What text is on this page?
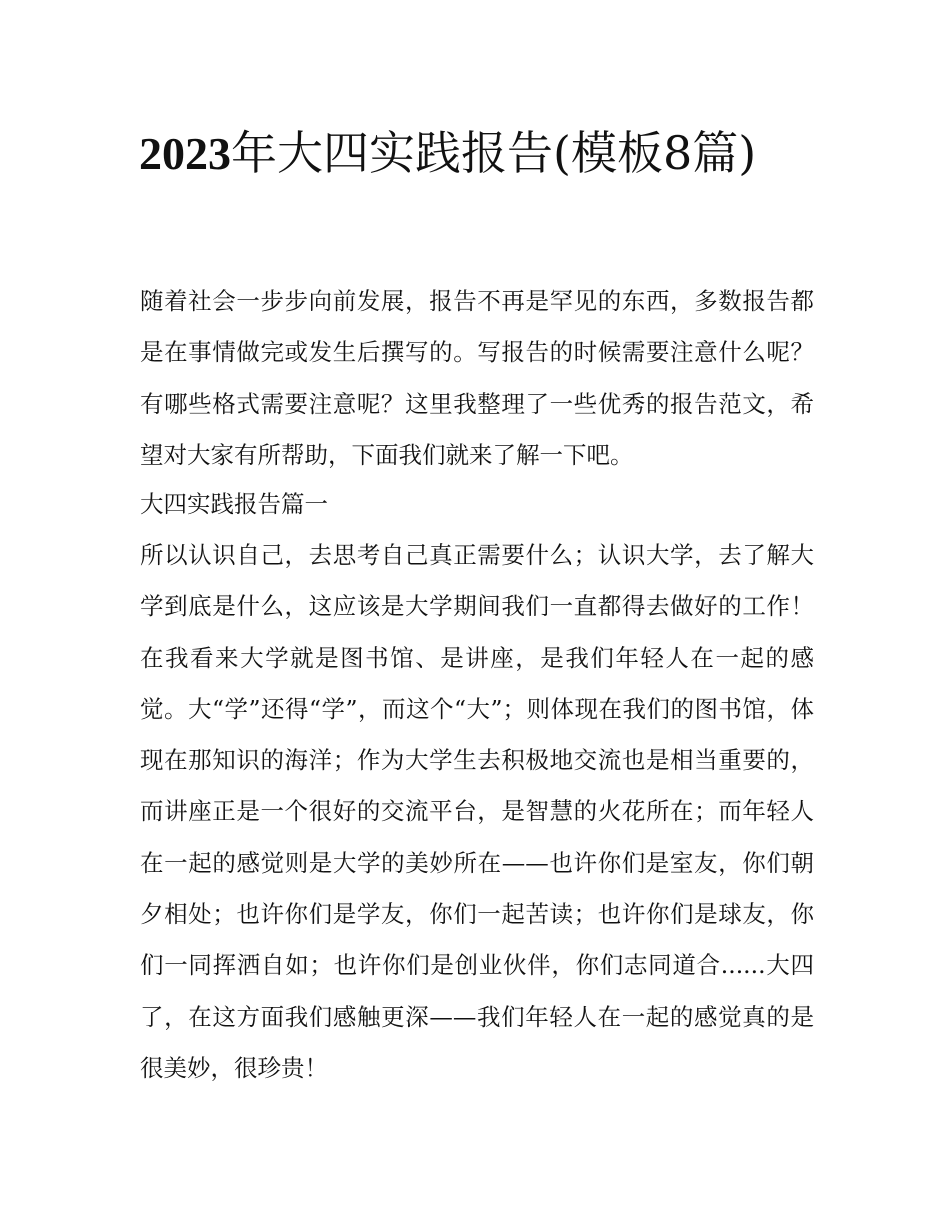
2023年大四实践报告(模板8篇)

随着社会一步步向前发展，报告不再是罕见的东西，多数报告都是在事情做完或发生后撰写的。写报告的时候需要注意什么呢？有哪些格式需要注意呢？这里我整理了一些优秀的报告范文，希望对大家有所帮助，下面我们就来了解一下吧。

大四实践报告篇一

所以认识自己，去思考自己真正需要什么；认识大学，去了解大学到底是什么，这应该是大学期间我们一直都得去做好的工作！在我看来大学就是图书馆、是讲座，是我们年轻人在一起的感觉。大“学”还得“学”，而这个“大”；则体现在我们的图书馆，体现在那知识的海洋；作为大学生去积极地交流也是相当重要的，而讲座正是一个很好的交流平台，是智慧的火花所在；而年轻人在一起的感觉则是大学的美妙所在——也许你们是室友，你们朝夕相处；也许你们是学友，你们一起苦读；也许你们是球友，你们一同挥洒自如；也许你们是创业伙伴，你们志同道合......大四了，在这方面我们感触更深——我们年轻人在一起的感觉真的是很美妙，很珍贵！
